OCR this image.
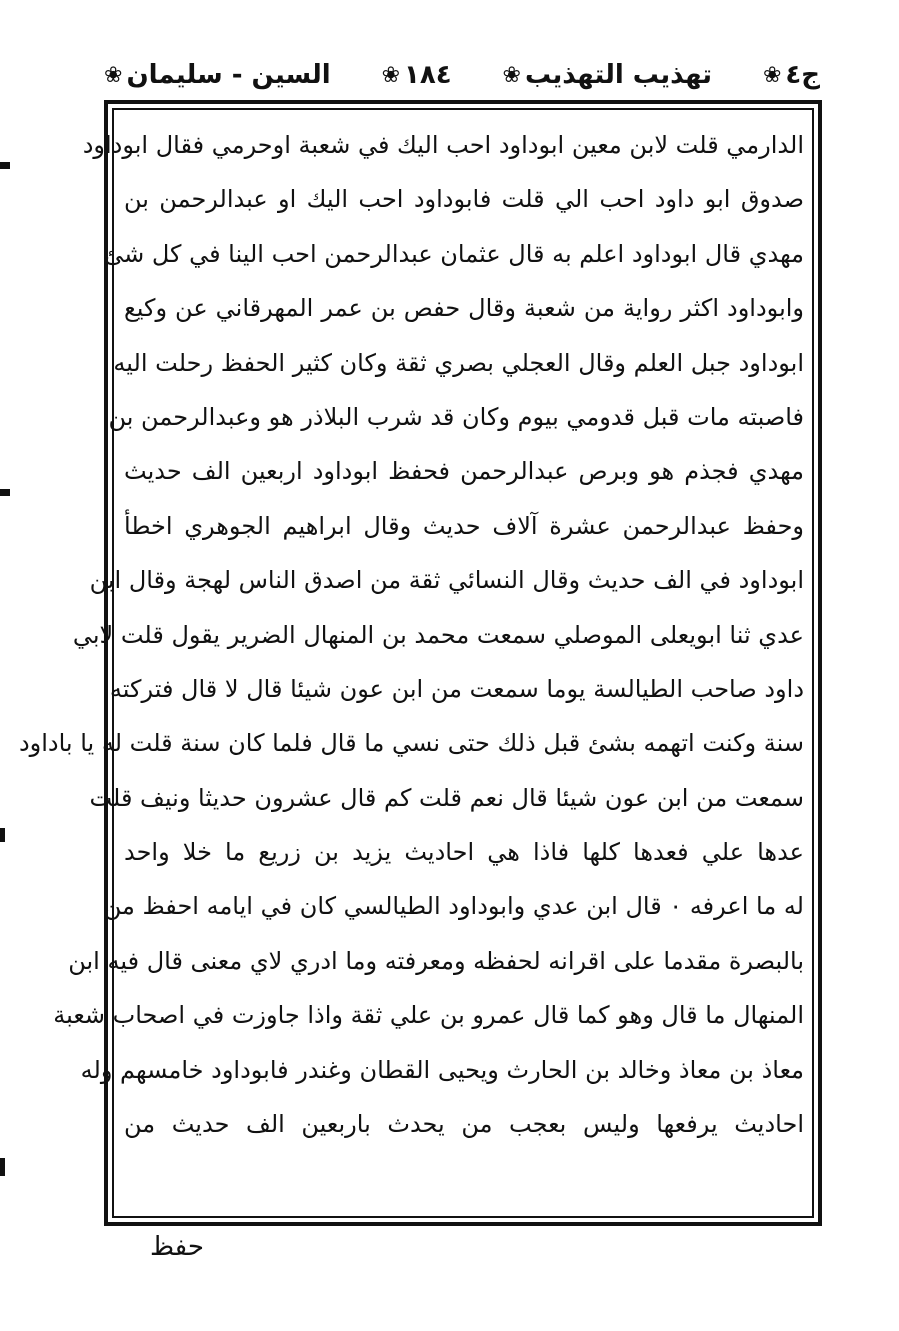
ج٤
❀
تهذيب التهذيب
❀
١٨٤
❀
السين - سليمان
❀
الدارمي قلت لابن معين ابوداود احب اليك في شعبة اوحرمي فقال ابوداود
صدوق ابو داود احب الي قلت فابوداود احب اليك او عبدالرحمن بن
مهدي قال ابوداود اعلم به قال عثمان عبدالرحمن احب الينا في كل شئ
وابوداود اكثر رواية من شعبة وقال حفص بن عمر المهرقاني عن وكيع
ابوداود جبل العلم وقال العجلي بصري ثقة وكان كثير الحفظ رحلت اليه
فاصبته مات قبل قدومي بيوم وكان قد شرب البلاذر هو وعبدالرحمن بن
مهدي فجذم هو وبرص عبدالرحمن فحفظ ابوداود اربعين الف حديث
وحفظ عبدالرحمن عشرة آلاف حديث وقال ابراهيم الجوهري اخطأ
ابوداود في الف حديث وقال النسائي ثقة من اصدق الناس لهجة وقال ابن
عدي ثنا ابويعلى الموصلي سمعت محمد بن المنهال الضرير يقول قلت لابي
داود صاحب الطيالسة يوما سمعت من ابن عون شيئا قال لا قال فتركته
سنة وكنت اتهمه بشئ قبل ذلك حتى نسي ما قال فلما كان سنة قلت له يا باداود
سمعت من ابن عون شيئا قال نعم قلت كم قال عشرون حديثا ونيف قلت
عدها علي فعدها كلها فاذا هي احاديث يزيد بن زريع ما خلا واحد
له ما اعرفه ٠ قال ابن عدي وابوداود الطيالسي كان في ايامه احفظ من
بالبصرة مقدما على اقرانه لحفظه ومعرفته وما ادري لاي معنى قال فيه ابن
المنهال ما قال وهو كما قال عمرو بن علي ثقة واذا جاوزت في اصحاب شعبة
معاذ بن معاذ وخالد بن الحارث ويحيى القطان وغندر فابوداود خامسهم وله
احاديث يرفعها وليس بعجب من يحدث باربعين الف حديث من
حفظ
